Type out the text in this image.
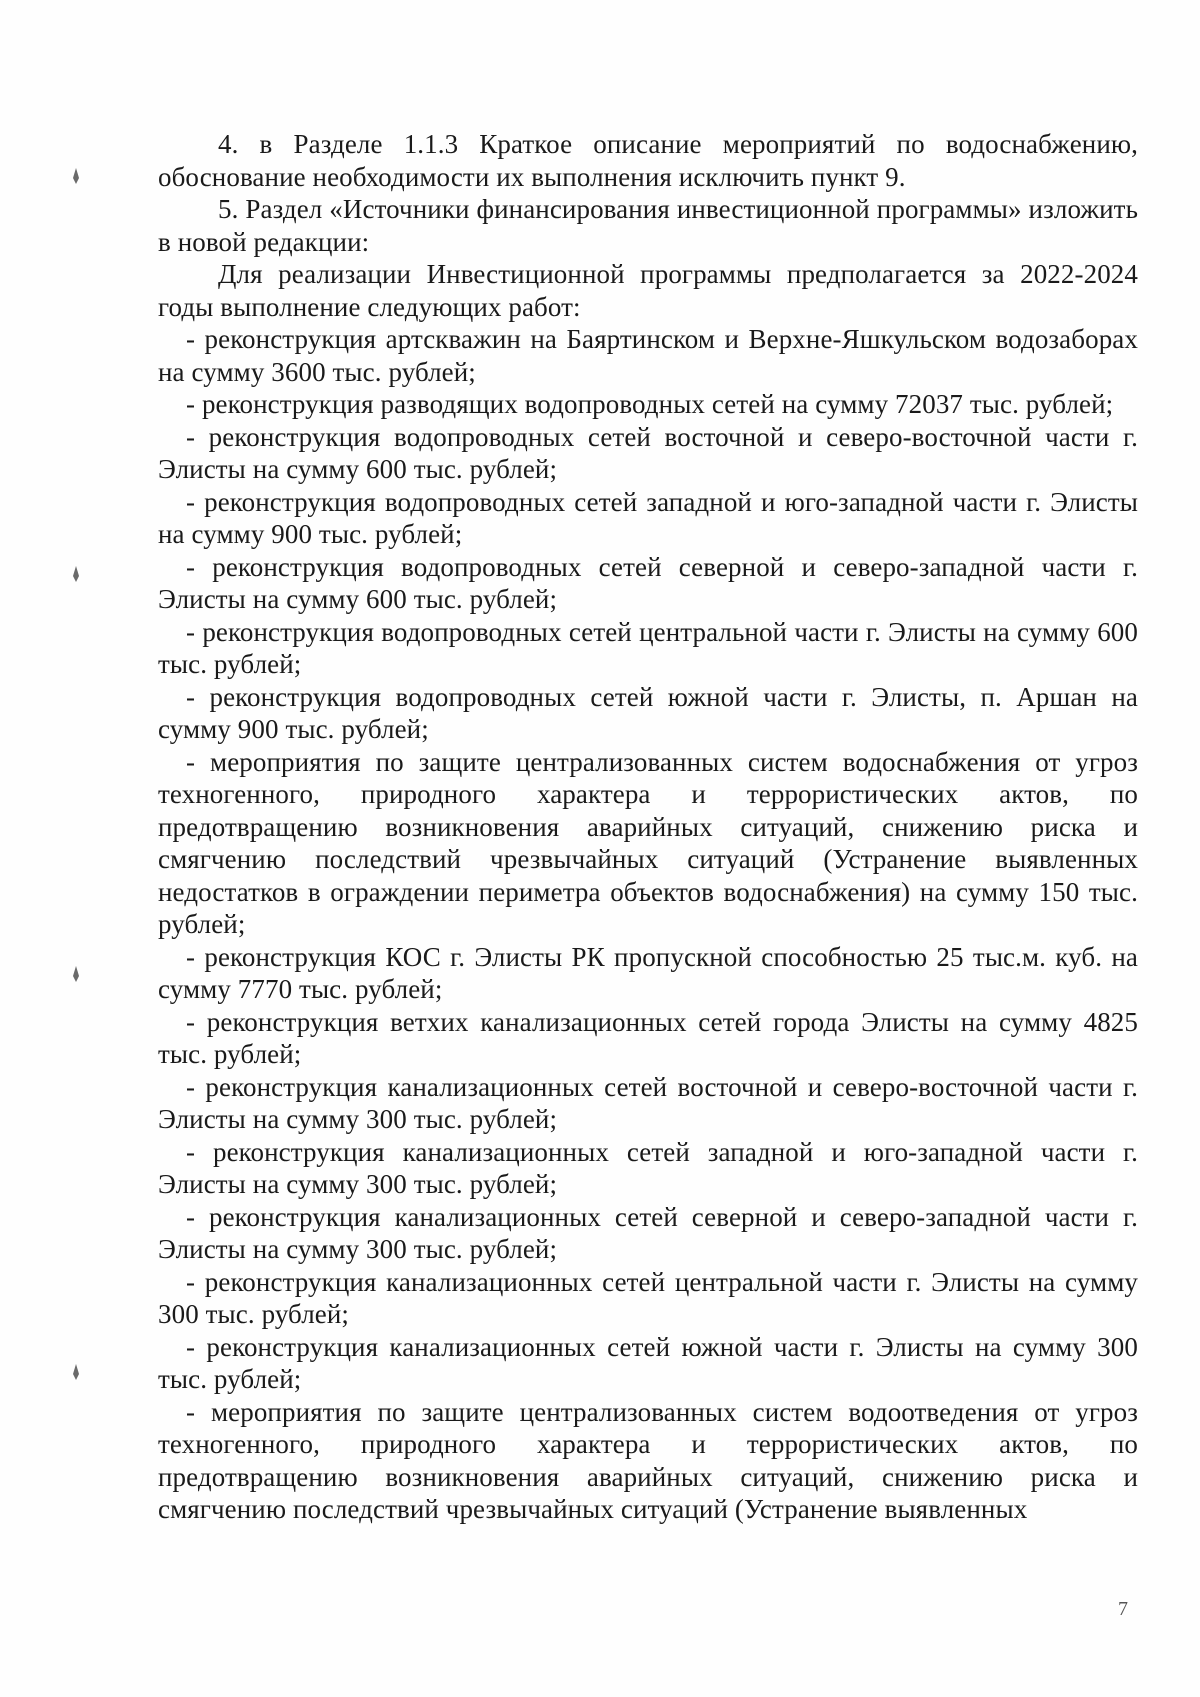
4. в Разделе 1.1.3 Краткое описание мероприятий по водоснабжению, обоснование необходимости их выполнения исключить пункт 9.

5. Раздел «Источники финансирования инвестиционной программы» изложить в новой редакции:

Для реализации Инвестиционной программы предполагается за 2022-2024 годы выполнение следующих работ:

- реконструкция артскважин на Баяртинском и Верхне-Яшкульском водозаборах на сумму 3600 тыс. рублей;

- реконструкция разводящих водопроводных сетей на сумму 72037 тыс. рублей;

- реконструкция водопроводных сетей восточной и северо-восточной части г. Элисты на сумму 600 тыс. рублей;

- реконструкция водопроводных сетей западной и юго-западной части г. Элисты на сумму 900 тыс. рублей;

- реконструкция водопроводных сетей северной и северо-западной части г. Элисты на сумму 600 тыс. рублей;

- реконструкция водопроводных сетей центральной части г. Элисты на сумму 600 тыс. рублей;

- реконструкция водопроводных сетей южной части г. Элисты, п. Аршан на сумму 900 тыс. рублей;

- мероприятия по защите централизованных систем водоснабжения от угроз техногенного, природного характера и террористических актов, по предотвращению возникновения аварийных ситуаций, снижению риска и смягчению последствий чрезвычайных ситуаций (Устранение выявленных недостатков в ограждении периметра объектов водоснабжения) на сумму 150 тыс. рублей;

- реконструкция КОС г. Элисты РК пропускной способностью 25 тыс.м. куб. на сумму 7770 тыс. рублей;

- реконструкция ветхих канализационных сетей города Элисты на сумму 4825 тыс. рублей;

- реконструкция канализационных сетей восточной и северо-восточной части г. Элисты на сумму 300 тыс. рублей;

- реконструкция канализационных сетей западной и юго-западной части г. Элисты на сумму 300 тыс. рублей;

- реконструкция канализационных сетей северной и северо-западной части г. Элисты на сумму 300 тыс. рублей;

- реконструкция канализационных сетей центральной части г. Элисты на сумму 300 тыс. рублей;

- реконструкция канализационных сетей южной части г. Элисты на сумму 300 тыс. рублей;

- мероприятия по защите централизованных систем водоотведения от угроз техногенного, природного характера и террористических актов, по предотвращению возникновения аварийных ситуаций, снижению риска и смягчению последствий чрезвычайных ситуаций (Устранение выявленных

7
